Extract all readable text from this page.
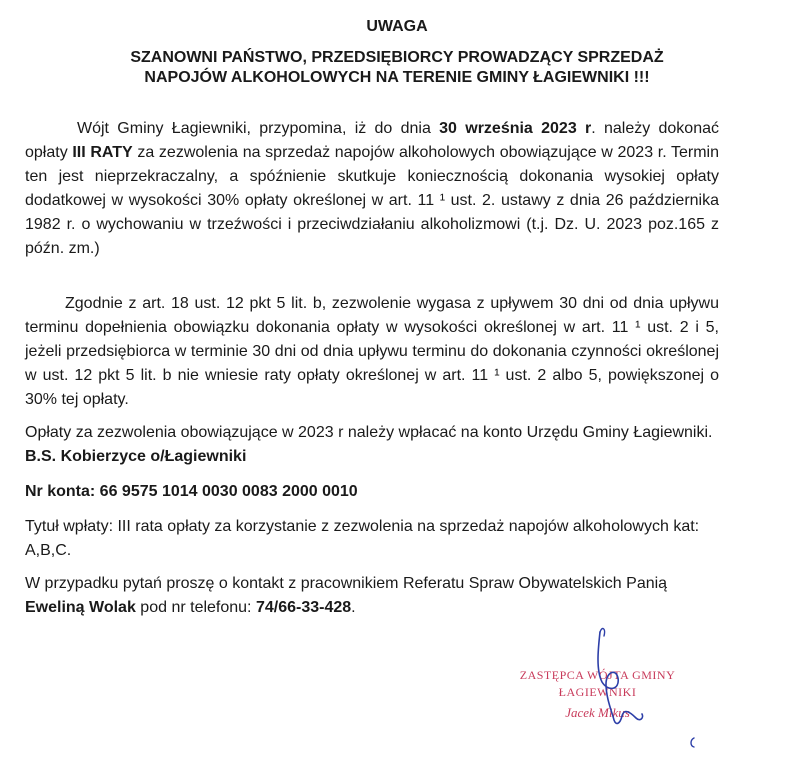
UWAGA
SZANOWNI PAŃSTWO, PRZEDSIĘBIORCY PROWADZĄCY SPRZEDAŻ
NAPOJÓW ALKOHOLOWYCH NA TERENIE GMINY ŁAGIEWNIKI !!!

Wójt Gminy Łagiewniki, przypomina, iż do dnia 30 września 2023 r. należy dokonać opłaty III RATY za zezwolenia na sprzedaż napojów alkoholowych obowiązujące w 2023 r. Termin ten jest nieprzekraczalny, a spóźnienie skutkuje koniecznością dokonania wysokiej opłaty dodatkowej w wysokości 30% opłaty określonej w art. 11 ¹ ust. 2. ustawy z dnia 26 października 1982 r. o wychowaniu w trzeźwości i przeciwdziałaniu alkoholizmowi (t.j. Dz. U. 2023 poz.165 z późn. zm.)

Zgodnie z art. 18 ust. 12 pkt 5 lit. b, zezwolenie wygasa z upływem 30 dni od dnia upływu terminu dopełnienia obowiązku dokonania opłaty w wysokości określonej w art. 11 ¹ ust. 2 i 5, jeżeli przedsiębiorca w terminie 30 dni od dnia upływu terminu do dokonania czynności określonej w ust. 12 pkt 5 lit. b nie wniesie raty opłaty określonej w art. 11 ¹ ust. 2 albo 5, powiększonej o 30% tej opłaty.

Opłaty za zezwolenia obowiązujące w 2023 r należy wpłacać na konto Urzędu Gminy Łagiewniki. B.S. Kobierzyce o/Łagiewniki

Nr konta: 66 9575 1014 0030 0083 2000 0010

Tytuł wpłaty: III rata opłaty za korzystanie z zezwolenia na sprzedaż napojów alkoholowych kat: A,B,C.

W przypadku pytań proszę o kontakt z pracownikiem Referatu Spraw Obywatelskich Panią Eweliną Wolak pod nr telefonu: 74/66-33-428.

ZASTĘPCA WÓJTA GMINY
ŁAGIEWNIKI
Jacek Mikus
